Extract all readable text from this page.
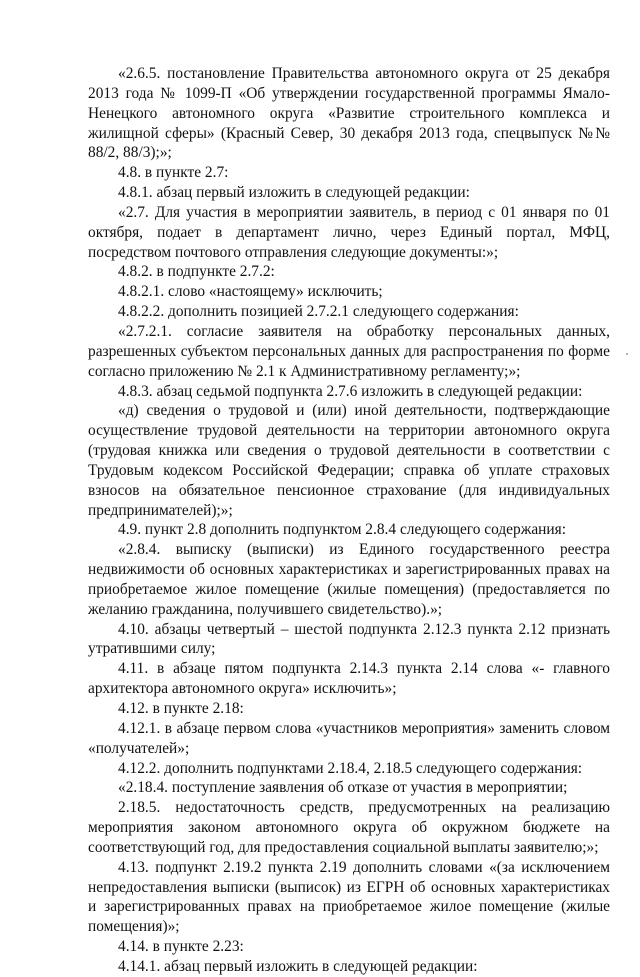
«2.6.5. постановление Правительства автономного округа от 25 декабря 2013 года № 1099-П «Об утверждении государственной программы Ямало-Ненецкого автономного округа «Развитие строительного комплекса и жилищной сферы» (Красный Север, 30 декабря 2013 года, спецвыпуск №№ 88/2, 88/3);»;

4.8. в пункте 2.7:

4.8.1. абзац первый изложить в следующей редакции:

«2.7. Для участия в мероприятии заявитель, в период с 01 января по 01 октября, подает в департамент лично, через Единый портал, МФЦ, посредством почтового отправления следующие документы:»;

4.8.2. в подпункте 2.7.2:

4.8.2.1. слово «настоящему» исключить;

4.8.2.2. дополнить позицией 2.7.2.1 следующего содержания:

«2.7.2.1. согласие заявителя на обработку персональных данных, разрешенных субъектом персональных данных для распространения по форме согласно приложению № 2.1 к Административному регламенту;»;

4.8.3. абзац седьмой подпункта 2.7.6 изложить в следующей редакции:

«д) сведения о трудовой и (или) иной деятельности, подтверждающие осуществление трудовой деятельности на территории автономного округа (трудовая книжка или сведения о трудовой деятельности в соответствии с Трудовым кодексом Российской Федерации; справка об уплате страховых взносов на обязательное пенсионное страхование (для индивидуальных предпринимателей);»;

4.9. пункт 2.8 дополнить подпунктом 2.8.4 следующего содержания:

«2.8.4. выписку (выписки) из Единого государственного реестра недвижимости об основных характеристиках и зарегистрированных правах на приобретаемое жилое помещение (жилые помещения) (предоставляется по желанию гражданина, получившего свидетельство).»;

4.10. абзацы четвертый – шестой подпункта 2.12.3 пункта 2.12 признать утратившими силу;

4.11. в абзаце пятом подпункта 2.14.3 пункта 2.14 слова «- главного архитектора автономного округа» исключить»;

4.12. в пункте 2.18:

4.12.1. в абзаце первом слова «участников мероприятия» заменить словом «получателей»;

4.12.2. дополнить подпунктами 2.18.4, 2.18.5 следующего содержания:

«2.18.4. поступление заявления об отказе от участия в мероприятии;

2.18.5. недостаточность средств, предусмотренных на реализацию мероприятия законом автономного округа об окружном бюджете на соответствующий год, для предоставления социальной выплаты заявителю;»;

4.13. подпункт 2.19.2 пункта 2.19 дополнить словами «(за исключением непредоставления выписки (выписок) из ЕГРН об основных характеристиках и зарегистрированных правах на приобретаемое жилое помещение (жилые помещения)»;

4.14. в пункте 2.23:

4.14.1. абзац первый изложить в следующей редакции:
